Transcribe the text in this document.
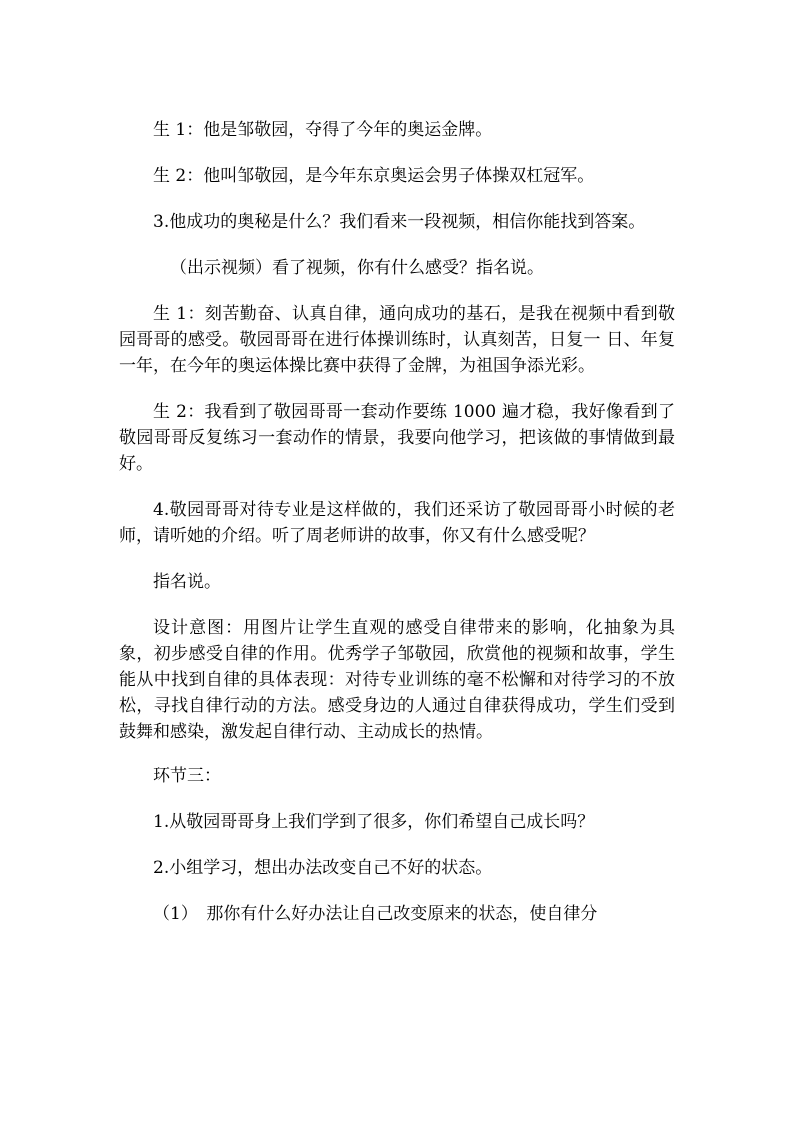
生 1：他是邹敬园，夺得了今年的奥运金牌。

生 2：他叫邹敬园，是今年东京奥运会男子体操双杠冠军。

3.他成功的奥秘是什么？我们看来一段视频，相信你能找到答案。

（出示视频）看了视频，你有什么感受？指名说。

生 1：刻苦勤奋、认真自律，通向成功的基石，是我在视频中看到敬园哥哥的感受。敬园哥哥在进行体操训练时，认真刻苦，日复一 日、年复一年，在今年的奥运体操比赛中获得了金牌，为祖国争添光彩。

生 2：我看到了敬园哥哥一套动作要练 1000 遍才稳，我好像看到了敬园哥哥反复练习一套动作的情景，我要向他学习，把该做的事情做到最好。

4.敬园哥哥对待专业是这样做的，我们还采访了敬园哥哥小时候的老师，请听她的介绍。听了周老师讲的故事，你又有什么感受呢？

指名说。

设计意图：用图片让学生直观的感受自律带来的影响，化抽象为具象，初步感受自律的作用。优秀学子邹敬园，欣赏他的视频和故事，学生能从中找到自律的具体表现：对待专业训练的毫不松懈和对待学习的不放松，寻找自律行动的方法。感受身边的人通过自律获得成功，学生们受到鼓舞和感染，激发起自律行动、主动成长的热情。

环节三：

1.从敬园哥哥身上我们学到了很多，你们希望自己成长吗？

2.小组学习，想出办法改变自己不好的状态。

（1）　那你有什么好办法让自己改变原来的状态，使自律分
